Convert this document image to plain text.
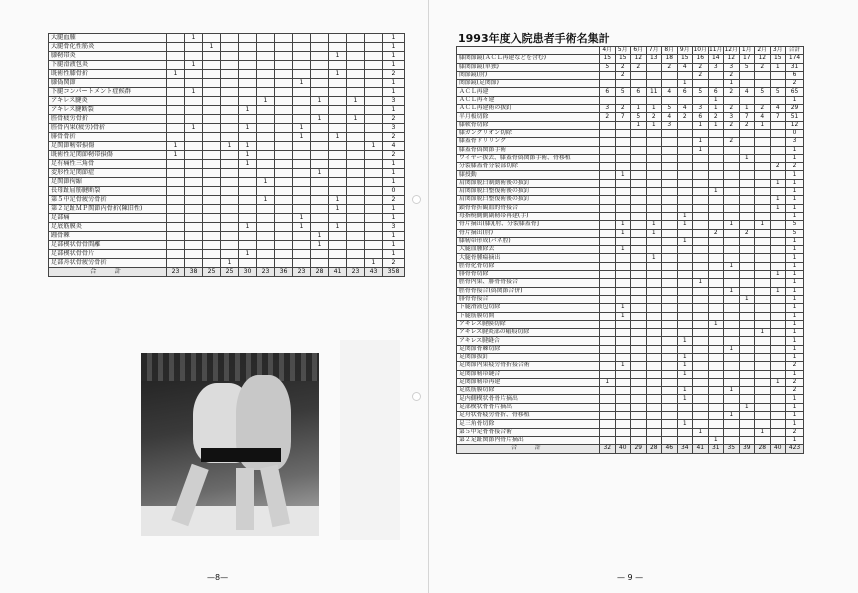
大腿血腫		1											1
大腿骨化性筋炎			1										1
膝靭帯炎										1			1
下腿滑液包炎		1											1
既術性膝骨折	1									1			2
膝偽関節								1					1
下腿コンパートメント症候群		1											1
アキレス腱炎						1			1		1		3
アキレス腱断裂					1								1
脛骨疲労骨折									1		1		2
脛骨内果(疲労)骨折		1			1			1					3
腓骨骨折								1		1			2
足関節靭帯損傷	1			1	1							1	4
既術性足関節靭帯損傷	1				1								2
足有痛性三角骨					1								1
変形性足関節症									1				1
足関節拘縮						1							1
長母趾屈筋腱断裂													0
第５中足骨疲労骨折						1				1			2
第２足趾ＭＰ関節内骨折(陳旧性)										1			1
足部痛								1					1
足底筋膜炎					1			1		1			3
踵骨棘									1				1
足部楔状骨骨間離									1				1
足部楔状骨骨片					1								1
足部舟状骨疲労骨折				1								1	2
合　計	23	38	25	25	30	23	36	23	28	41	23	43	358
—8—
1993年度入院患者手術名集計
	4月	5月	6月	7月	8月	9月	10月	11月	12月	1月	2月	3月	合計
膝関節鏡(ＡＣＬ再建などを含む)	15	15	12	13	18	15	16	14	12	17	12	15	174
膝関節鏡(単独)	5	2	2		2	4	2	3	3	5	2	1	31
関節鏡(肘)		2					2		2				6
関節鏡(足関節)						1			1				2
ＡＣＬ再建	6	5	6	11	4	6	5	6	2	4	5	5	65
ＡＣＬ再々建								1					1
ＡＣＬ再建術の抜釘	3	2	1	1	5	4	3	1	2	1	2	4	29
半月板切除	2	7	5	2	4	2	6	2	3	7	4	7	51
膝軟骨切除			1	1	3		1	1	2	2	1		12
膝ガングリオン切除													0
膝蓋骨ドリリング							1		2				3
膝蓋骨偽関節手術							1						1
ワイヤー抜去、膝蓋骨偽関節手術、骨移植										1			1
分裂膝蓋骨分裂部切除												2	2
膝授動		1											1
肩関節脱臼制動術後の抜釘												1	1
肩関節脱臼整復術後の抜釘								1					1
肩関節脱臼整復術後の抜釘												1	1
鎖骨骨折観血的骨接合												1	1
母指橈側側副靭帯再建(手)						1							1
骨片摘出(膝)[肘、分裂膝蓋骨]		1		1		1			1		1		5
骨片摘出(肘)		1		1				2		2			5
膝靭帯形成(パネ腔)						1							1
大腿血腫除去		1											1
大腿骨腫瘍摘出				1									1
脛骨化骨切除									1				1
腓骨骨切除												1	1
脛骨内果、腓骨骨接合							1						1
脛骨骨接合(偽関節合併)									1			1	1
腓骨骨接合										1			1
下腿滑液包切除		1											1
下腿筋膜切開		1											1
アキレス腱膜切除								1					1
アキレス腱炎部の瘢痕切除											1		1
アキレス腱縫合						1							1
足関節骨棘切除									1				1
足関節抜釘						1							1
足関節内果疲労骨折接合術		1				1							2
足関節靭帯縫合						1							1
足関節靭帯再建	1											1	2
足底筋膜切除						1			1				2
足内側楔状骨骨片摘出						1							1
足部楔状骨骨片摘出										1			1
足舟状骨疲労骨折、骨移植									1				1
足三角骨切除						1							1
第５中足骨骨接合術							1				1		2
第２足趾関節内骨片摘出								1					1
合　計	32	40	29	28	46	34	41	31	35	39	28	40	423
— 9 —
